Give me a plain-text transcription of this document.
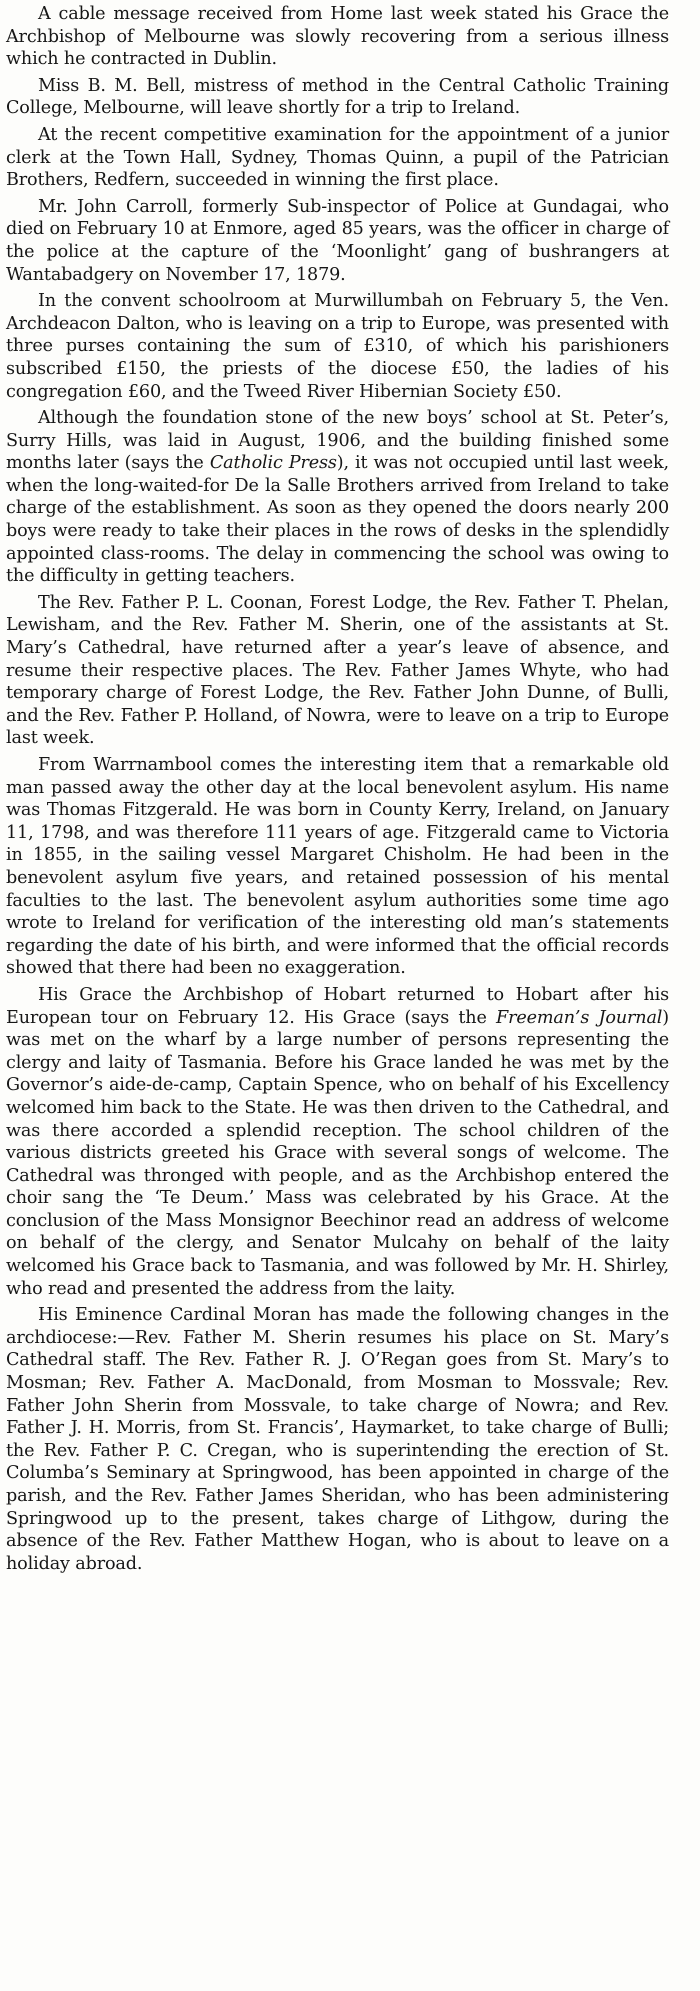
A cable message received from Home last week stated his Grace the Archbishop of Melbourne was slowly recovering from a serious illness which he contracted in Dublin.

Miss B. M. Bell, mistress of method in the Central Catholic Training College, Melbourne, will leave shortly for a trip to Ireland.

At the recent competitive examination for the appointment of a junior clerk at the Town Hall, Sydney, Thomas Quinn, a pupil of the Patrician Brothers, Redfern, succeeded in winning the first place.

Mr. John Carroll, formerly Sub-inspector of Police at Gundagai, who died on February 10 at Enmore, aged 85 years, was the officer in charge of the police at the capture of the ‘Moonlight’ gang of bushrangers at Wantabadgery on November 17, 1879.

In the convent schoolroom at Murwillumbah on February 5, the Ven. Archdeacon Dalton, who is leaving on a trip to Europe, was presented with three purses containing the sum of £310, of which his parishioners subscribed £150, the priests of the diocese £50, the ladies of his congregation £60, and the Tweed River Hibernian Society £50.

Although the foundation stone of the new boys’ school at St. Peter’s, Surry Hills, was laid in August, 1906, and the building finished some months later (says the Catholic Press), it was not occupied until last week, when the long-waited-for De la Salle Brothers arrived from Ireland to take charge of the establishment. As soon as they opened the doors nearly 200 boys were ready to take their places in the rows of desks in the splendidly appointed class-rooms. The delay in commencing the school was owing to the difficulty in getting teachers.

The Rev. Father P. L. Coonan, Forest Lodge, the Rev. Father T. Phelan, Lewisham, and the Rev. Father M. Sherin, one of the assistants at St. Mary’s Cathedral, have returned after a year’s leave of absence, and resume their respective places. The Rev. Father James Whyte, who had temporary charge of Forest Lodge, the Rev. Father John Dunne, of Bulli, and the Rev. Father P. Holland, of Nowra, were to leave on a trip to Europe last week.

From Warrnambool comes the interesting item that a remarkable old man passed away the other day at the local benevolent asylum. His name was Thomas Fitzgerald. He was born in County Kerry, Ireland, on January 11, 1798, and was therefore 111 years of age. Fitzgerald came to Victoria in 1855, in the sailing vessel Margaret Chisholm. He had been in the benevolent asylum five years, and retained possession of his mental faculties to the last. The benevolent asylum authorities some time ago wrote to Ireland for verification of the interesting old man’s statements regarding the date of his birth, and were informed that the official records showed that there had been no exaggeration.

His Grace the Archbishop of Hobart returned to Hobart after his European tour on February 12. His Grace (says the Freeman’s Journal) was met on the wharf by a large number of persons representing the clergy and laity of Tasmania. Before his Grace landed he was met by the Governor’s aide-de-camp, Captain Spence, who on behalf of his Excellency welcomed him back to the State. He was then driven to the Cathedral, and was there accorded a splendid reception. The school children of the various districts greeted his Grace with several songs of welcome. The Cathedral was thronged with people, and as the Archbishop entered the choir sang the ‘Te Deum.’ Mass was celebrated by his Grace. At the conclusion of the Mass Monsignor Beechinor read an address of welcome on behalf of the clergy, and Senator Mulcahy on behalf of the laity welcomed his Grace back to Tasmania, and was followed by Mr. H. Shirley, who read and presented the address from the laity.

His Eminence Cardinal Moran has made the following changes in the archdiocese:—Rev. Father M. Sherin resumes his place on St. Mary’s Cathedral staff. The Rev. Father R. J. O’Regan goes from St. Mary’s to Mosman; Rev. Father A. MacDonald, from Mosman to Mossvale; Rev. Father John Sherin from Mossvale, to take charge of Nowra; and Rev. Father J. H. Morris, from St. Francis’, Haymarket, to take charge of Bulli; the Rev. Father P. C. Cregan, who is superintending the erection of St. Columba’s Seminary at Springwood, has been appointed in charge of the parish, and the Rev. Father James Sheridan, who has been administering Springwood up to the present, takes charge of Lithgow, during the absence of the Rev. Father Matthew Hogan, who is about to leave on a holiday abroad.
